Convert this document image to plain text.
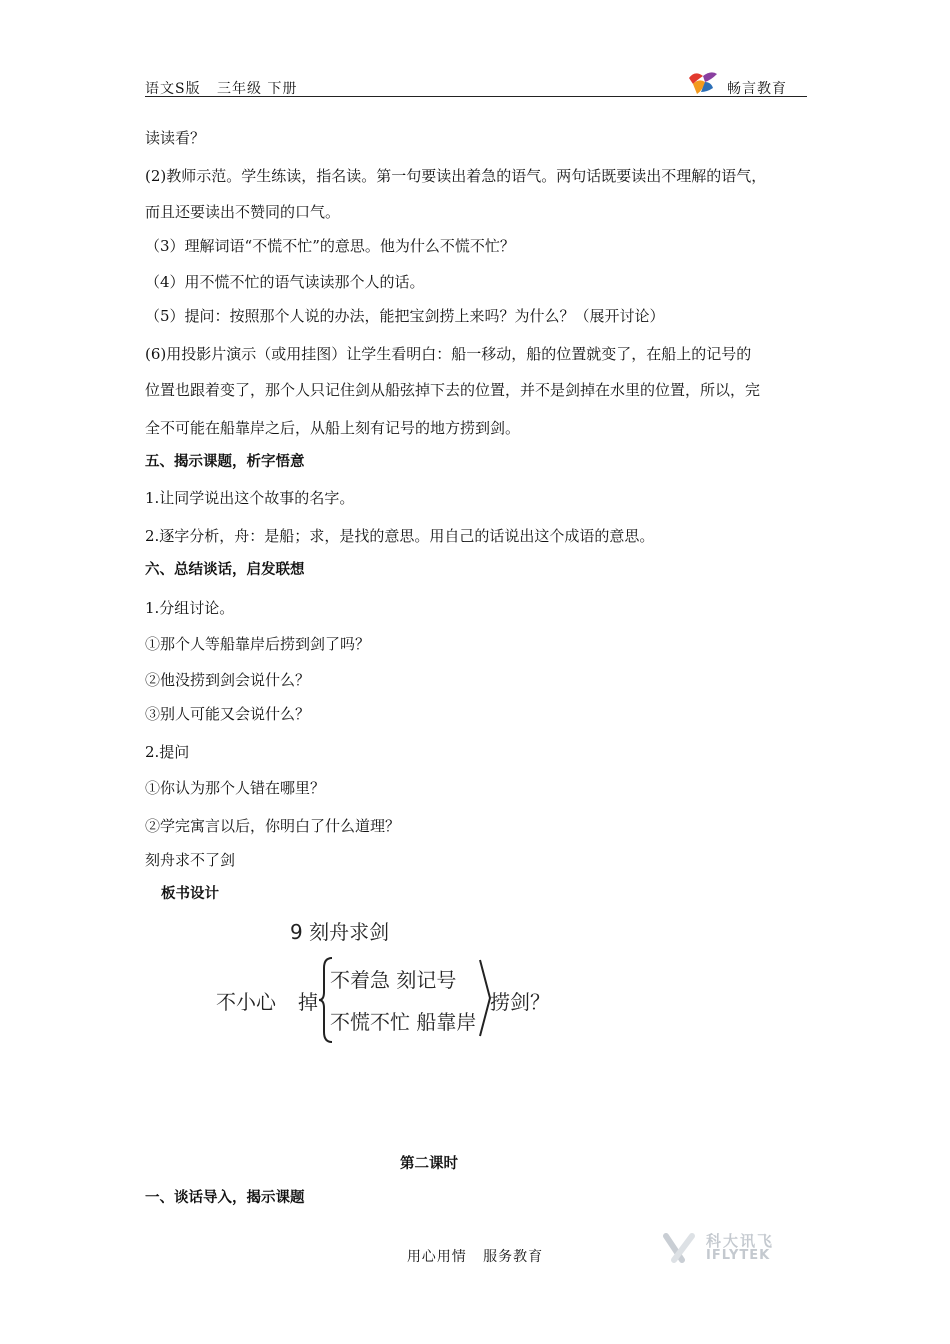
语文S版   三年级 下册	畅言教育
读读看？
(2)教师示范。学生练读，指名读。第一句要读出着急的语气。两句话既要读出不理解的语气，
而且还要读出不赞同的口气。
（3）理解词语“不慌不忙”的意思。他为什么不慌不忙？
（4）用不慌不忙的语气读读那个人的话。
（5）提问：按照那个人说的办法，能把宝剑捞上来吗？为什么？（展开讨论）
(6)用投影片演示（或用挂图）让学生看明白：船一移动，船的位置就变了，在船上的记号的
位置也跟着变了，那个人只记住剑从船弦掉下去的位置，并不是剑掉在水里的位置，所以，完
全不可能在船靠岸之后，从船上刻有记号的地方捞到剑。
五、揭示课题，析字悟意
1.让同学说出这个故事的名字。
2.逐字分析，舟：是船；求，是找的意思。用自己的话说出这个成语的意思。
六、总结谈话，启发联想
1.分组讨论。
①那个人等船靠岸后捞到剑了吗？
②他没捞到剑会说什么？
③别人可能又会说什么？
2.提问
①你认为那个人错在哪里？
②学完寓言以后，你明白了什么道理？
刻舟求不了剑
板书设计
9 刻舟求剑
不小心 掉
不着急 刻记号
不慌不忙 船靠岸
捞剑？
第二课时
一、谈话导入，揭示课题
用心用情   服务教育
科大讯飞
IFLYTEK
